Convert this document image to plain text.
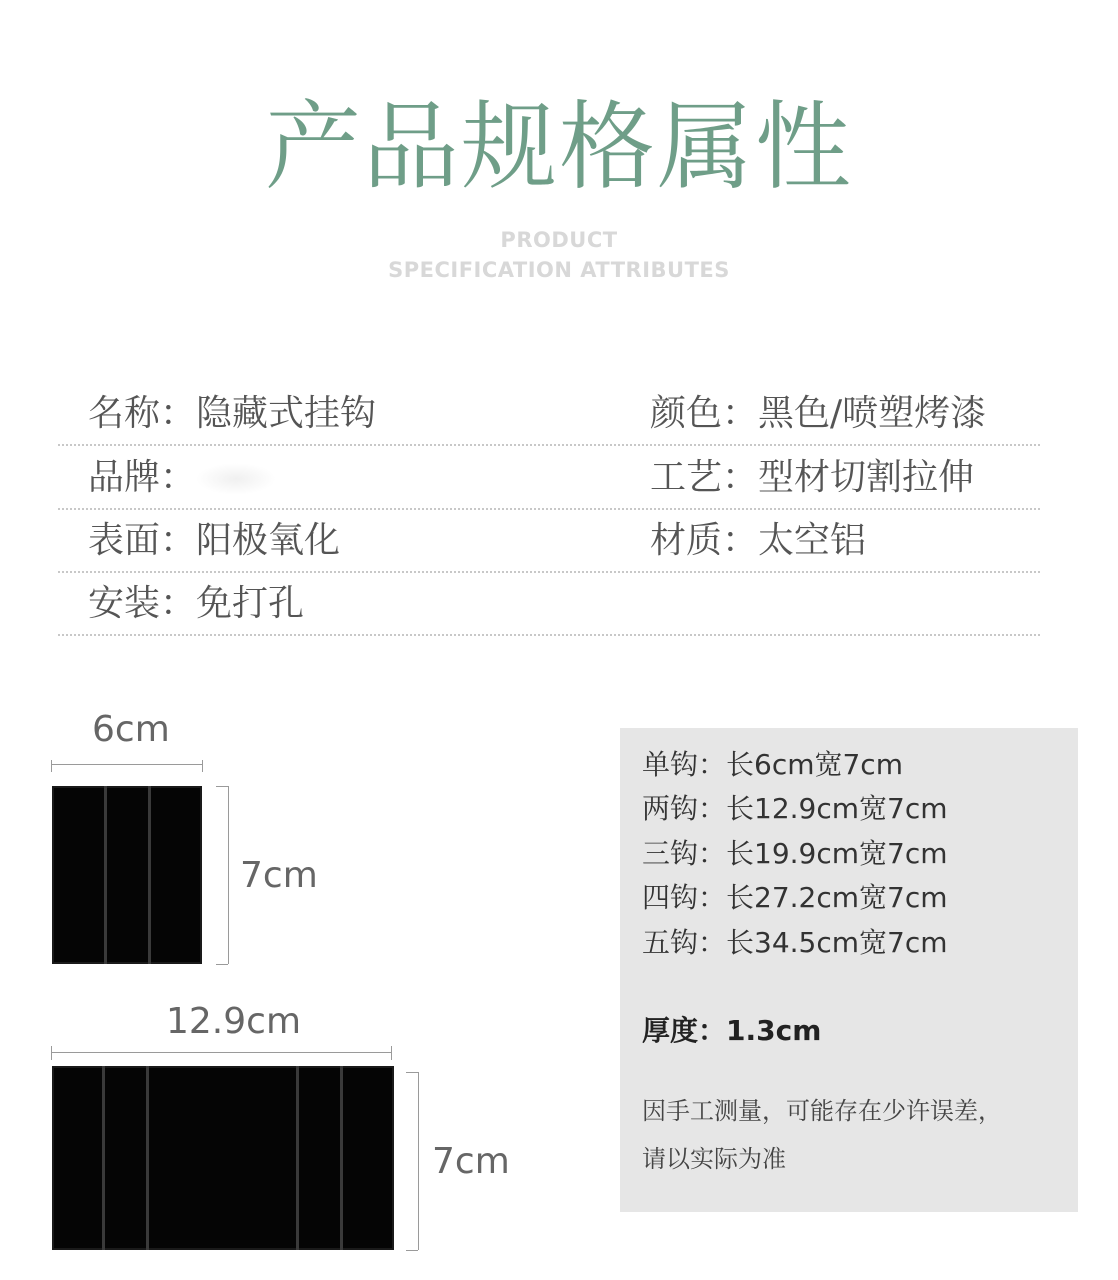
产品规格属性
PRODUCT
SPECIFICATION ATTRIBUTES
名称：隐藏式挂钩	颜色：黑色/喷塑烤漆
品牌：	工艺：型材切割拉伸
表面：阳极氧化	材质：太空铝
安装：免打孔
6cm
7cm
12.9cm
7cm
单钩：长6cm宽7cm
两钩：长12.9cm宽7cm
三钩：长19.9cm宽7cm
四钩：长27.2cm宽7cm
五钩：长34.5cm宽7cm
厚度：1.3cm
因手工测量，可能存在少许误差，
请以实际为准
